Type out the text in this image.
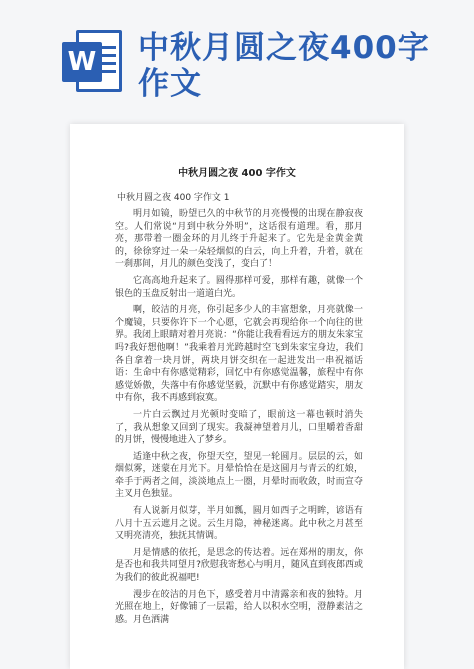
W 中秋月圆之夜400字作文
中秋月圆之夜 400 字作文
中秋月圆之夜 400 字作文 1

明月如镜，盼望已久的中秋节的月亮慢慢的出现在静寂夜空。人们常说“月到中秋分外明”，这话很有道理。看，那月亮，那带着一圈金环的月儿终于升起来了。它先是金黄金黄的，徐徐穿过一朵一朵轻烟似的白云，向上升着，升着，就在一刹那间，月儿的颜色变浅了，变白了！

它高高地升起来了。圆得那样可爱，那样有趣，就像一个银色的玉盘反射出一道道白光。

啊，皎洁的月亮，你引起多少人的丰富想象，月亮就像一个魔镜，只要你许下一个心愿，它就会再现给你一个向往的世界。我闭上眼睛对着月亮说：“你能让我看看远方的朋友朱家宝吗?我好想他啊！”我乘着月光跨越时空飞到朱家宝身边，我们各自拿着一块月饼，两块月饼交织在一起进发出一串祝福话语：生命中有你感觉精彩，回忆中有你感觉温馨，旅程中有你感觉娇傲，失落中有你感觉坚毅，沉默中有你感觉踏实，朋友中有你，我不再感到寂寞。

一片白云飘过月光顿时变暗了，眼前这一幕也顿时消失了，我从想象又回到了现实。我凝神望着月儿，口里嚼着香甜的月饼，慢慢地进入了梦乡。

适逢中秋之夜，你望天空，望见一轮圆月。层层的云，如烟似雾，迷蒙在月光下。月晕恰恰在是这圆月与青云的红娘，牵手于两者之间，淡淡地点上一圈，月晕时而收敛，时而宣夺主叉月色独显。

有人说新月似芽，半月如瓢，圆月如西子之明眸，谚语有八月十五云遮月之说。云生月隐，神秘迷离。此中秋之月甚至又明亮清亮，独抚其情调。

月是情感的依托，是思念的传达着。远在郑州的朋友，你是否也和我共同望月?欣慰我寄愁心与明月，随风直到夜郎西或为我们的彼此祝福吧!

漫步在皎洁的月色下，感受着月中清露亲和夜的独特。月光照在地上，好像铺了一层霜，给人以积水空明，澄静素洁之感。月色洒满
